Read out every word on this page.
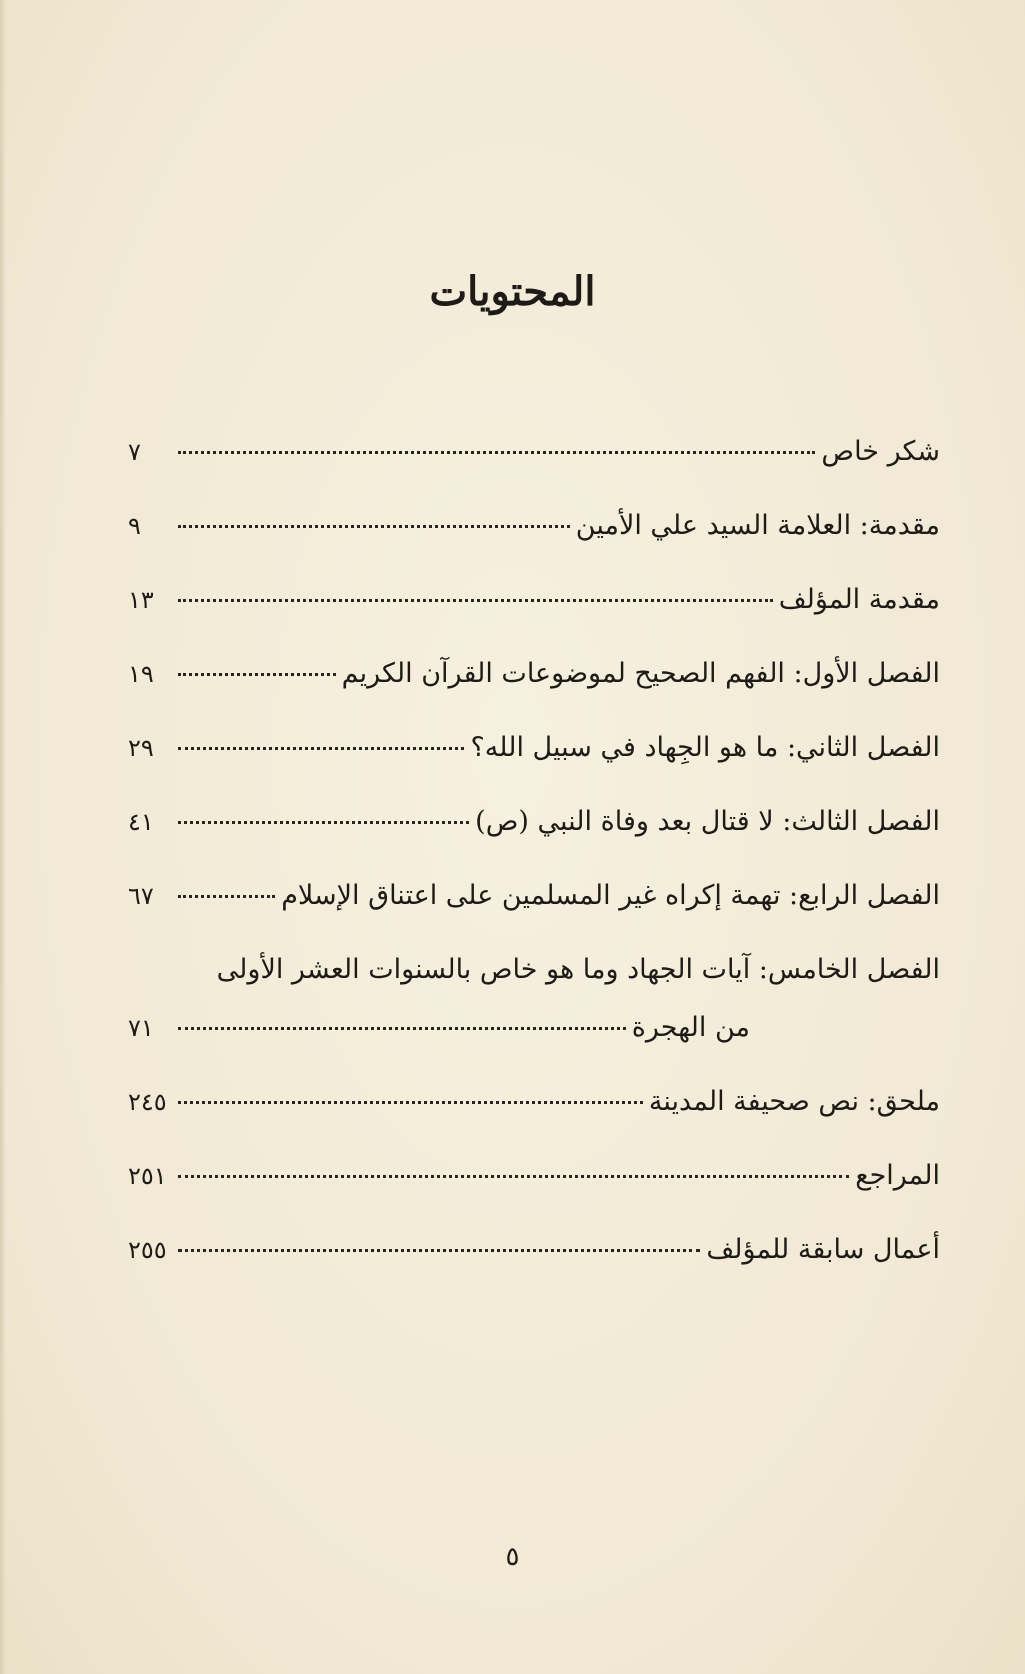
المحتويات
شكر خاص
٧
مقدمة: العلامة السيد علي الأمين
٩
مقدمة المؤلف
١٣
الفصل الأول: الفهم الصحيح لموضوعات القرآن الكريم
١٩
الفصل الثاني: ما هو الجِهاد في سبيل الله؟
٢٩
الفصل الثالث: لا قتال بعد وفاة النبي (ص)
٤١
الفصل الرابع: تهمة إكراه غير المسلمين على اعتناق الإسلام
٦٧
الفصل الخامس: آيات الجهاد وما هو خاص بالسنوات العشر الأولى
من الهجرة
٧١
ملحق: نص صحيفة المدينة
٢٤٥
المراجع
٢٥١
أعمال سابقة للمؤلف
٢٥٥
٥
